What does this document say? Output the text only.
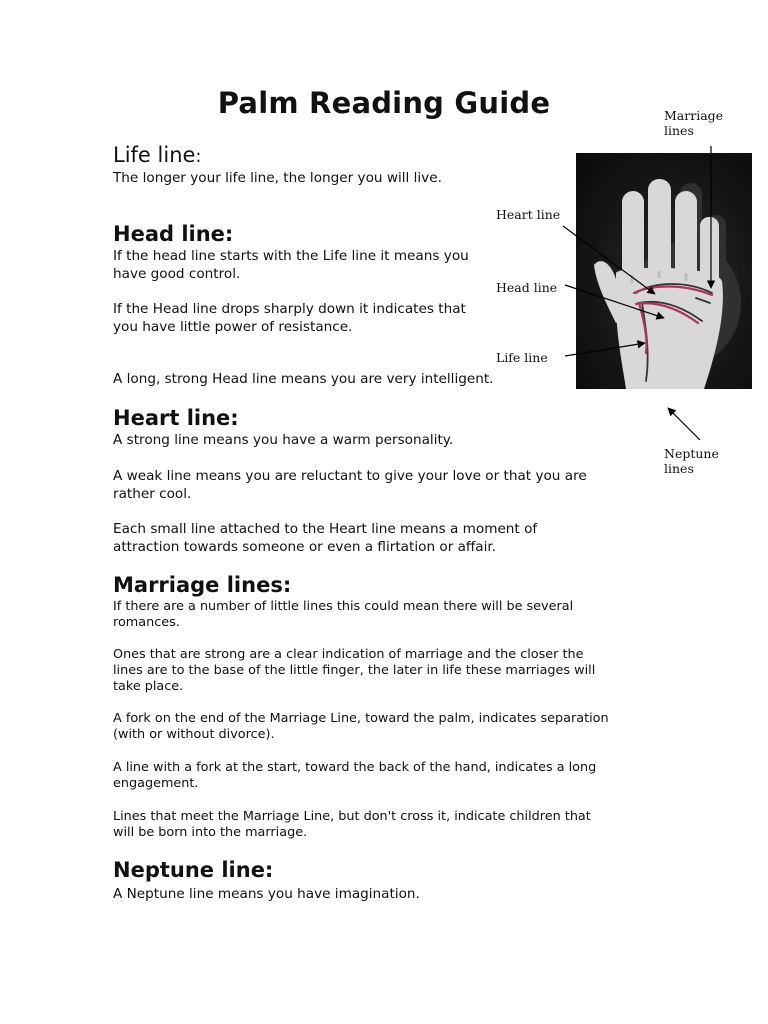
Palm Reading Guide
Life line:
The longer your life line, the longer you will live.
Head line:
If the head line starts with the Life line it means you
have good control.
If the Head line drops sharply down it indicates that
you have little power of resistance.
A long, strong Head line means you are very intelligent.
Heart line:
A strong line means you have a warm personality.
A weak line means you are reluctant to give your love or that you are
rather cool.
Each small line attached to the Heart line means a moment of
attraction towards someone or even a flirtation or affair.
Marriage lines:
If there are a number of little lines this could mean there will be several
romances.
Ones that are strong are a clear indication of marriage and the closer the
lines are to the base of the little finger, the later in life these marriages will
take place.
A fork on the end of the Marriage Line, toward the palm, indicates separation
(with or without divorce).
A line with a fork at the start, toward the back of the hand, indicates a long
engagement.
Lines that meet the Marriage Line, but don't cross it, indicate children that
will be born into the marriage.
Neptune line:
A Neptune line means you have imagination.
Marriage
lines
Heart line
Head line
Life line
Neptune
lines
